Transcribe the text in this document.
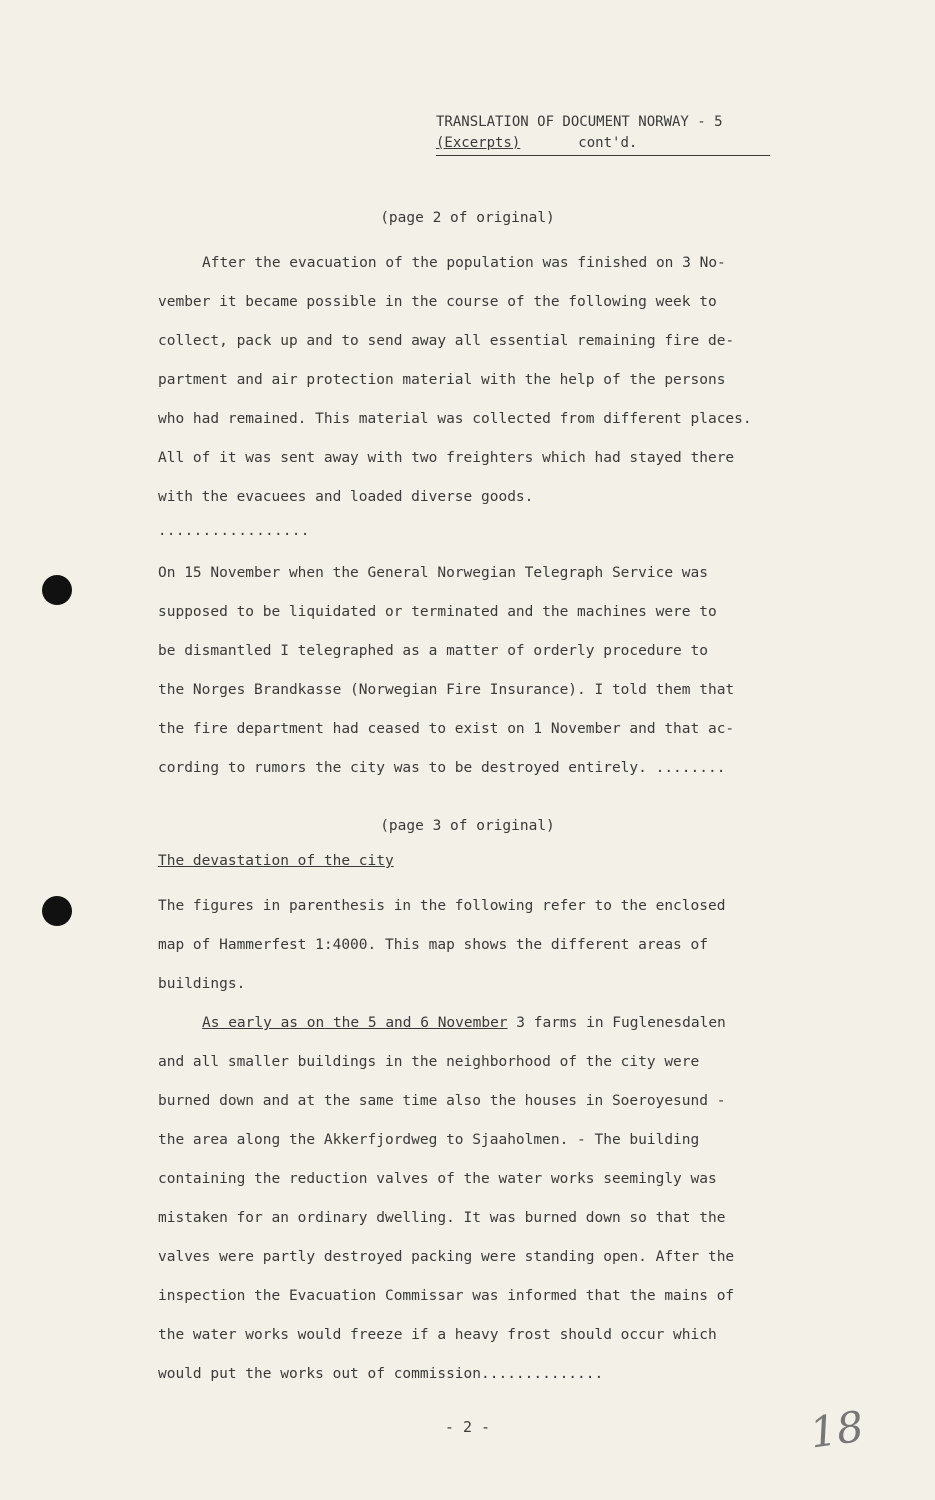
TRANSLATION OF DOCUMENT NORWAY - 5
(Excerpts)	cont'd.
(page 2 of original)
After the evacuation of the population was finished on 3 No-
vember it became possible in the course of the following week to
collect, pack up and to send away all essential remaining fire de-
partment and air protection material with the help of the persons
who had remained. This material was collected from different places.
All of it was sent away with two freighters which had stayed there
with the evacuees and loaded diverse goods.
.................
On 15 November when the General Norwegian Telegraph Service was
supposed to be liquidated or terminated and the machines were to
be dismantled I telegraphed as a matter of orderly procedure to
the Norges Brandkasse (Norwegian Fire Insurance). I told them that
the fire department had ceased to exist on 1 November and that ac-
cording to rumors the city was to be destroyed entirely. ........
(page 3 of original)
The devastation of the city
The figures in parenthesis in the following refer to the enclosed
map of Hammerfest 1:4000. This map shows the different areas of
buildings.
As early as on the 5 and 6 November 3 farms in Fuglenesdalen
and all smaller buildings in the neighborhood of the city were
burned down and at the same time also the houses in Soeroyesund -
the area along the Akkerfjordweg to Sjaaholmen. - The building
containing the reduction valves of the water works seemingly was
mistaken for an ordinary dwelling. It was burned down so that the
valves were partly destroyed packing were standing open. After the
inspection the Evacuation Commissar was informed that the mains of
the water works would freeze if a heavy frost should occur which
would put the works out of commission..............
- 2 -	18
